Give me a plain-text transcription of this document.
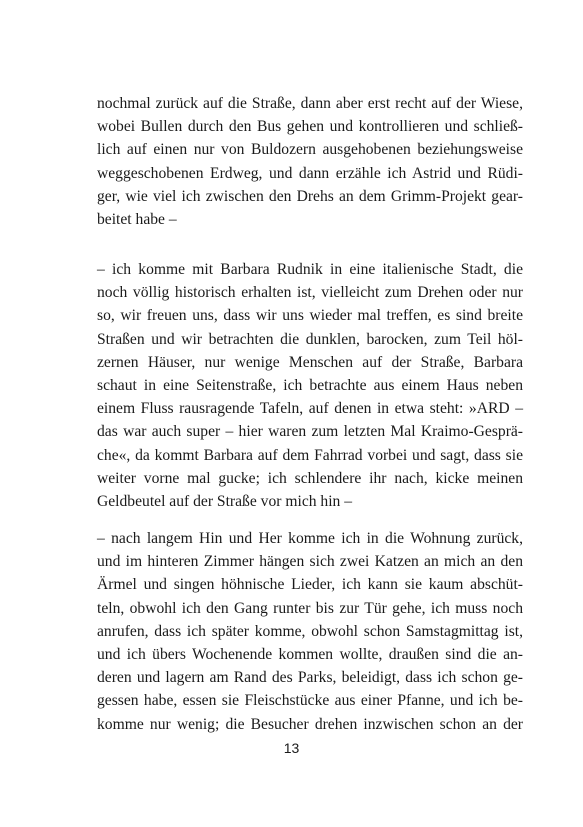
nochmal zurück auf die Straße, dann aber erst recht auf der Wiese,
wobei Bullen durch den Bus gehen und kontrollieren und schließ-
lich auf einen nur von Buldozern ausgehobenen beziehungsweise
weggeschobenen Erdweg, und dann erzähle ich Astrid und Rüdi-
ger, wie viel ich zwischen den Drehs an dem Grimm-Projekt gear-
beitet habe –
– ich komme mit Barbara Rudnik in eine italienische Stadt, die
noch völlig historisch erhalten ist, vielleicht zum Drehen oder nur
so, wir freuen uns, dass wir uns wieder mal treffen, es sind breite
Straßen und wir betrachten die dunklen, barocken, zum Teil höl-
zernen Häuser, nur wenige Menschen auf der Straße, Barbara
schaut in eine Seitenstraße, ich betrachte aus einem Haus neben
einem Fluss rausragende Tafeln, auf denen in etwa steht: »ARD –
das war auch super – hier waren zum letzten Mal Kraimo-Gesprä-
che«, da kommt Barbara auf dem Fahrrad vorbei und sagt, dass sie
weiter vorne mal gucke; ich schlendere ihr nach, kicke meinen
Geldbeutel auf der Straße vor mich hin –
– nach langem Hin und Her komme ich in die Wohnung zurück,
und im hinteren Zimmer hängen sich zwei Katzen an mich an den
Ärmel und singen höhnische Lieder, ich kann sie kaum abschüt-
teln, obwohl ich den Gang runter bis zur Tür gehe, ich muss noch
anrufen, dass ich später komme, obwohl schon Samstagmittag ist,
und ich übers Wochenende kommen wollte, draußen sind die an-
deren und lagern am Rand des Parks, beleidigt, dass ich schon ge-
gessen habe, essen sie Fleischstücke aus einer Pfanne, und ich be-
komme nur wenig; die Besucher drehen inzwischen schon an der
13
